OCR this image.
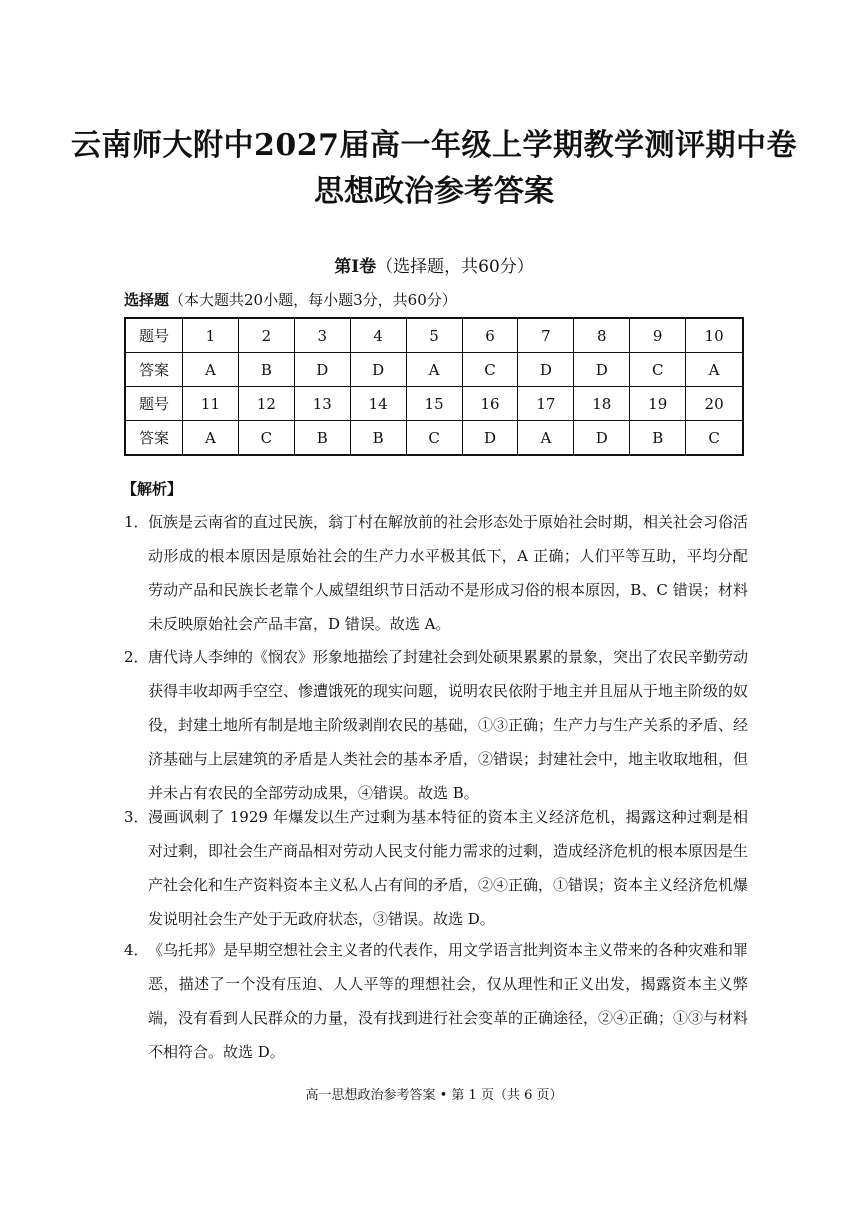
云南师大附中2027届高一年级上学期教学测评期中卷
思想政治参考答案
第Ⅰ卷（选择题，共60分）
选择题（本大题共20小题，每小题3分，共60分）
题号	1	2	3	4	5	6	7	8	9	10
答案	A	B	D	D	A	C	D	D	C	A
题号	11	12	13	14	15	16	17	18	19	20
答案	A	C	B	B	C	D	A	D	B	C
【解析】
1． 佤族是云南省的直过民族，翁丁村在解放前的社会形态处于原始社会时期，相关社会习俗活动形成的根本原因是原始社会的生产力水平极其低下，A 正确；人们平等互助，平均分配劳动产品和民族长老靠个人威望组织节日活动不是形成习俗的根本原因，B、C 错误；材料未反映原始社会产品丰富，D 错误。故选 A。
2． 唐代诗人李绅的《悯农》形象地描绘了封建社会到处硕果累累的景象，突出了农民辛勤劳动获得丰收却两手空空、惨遭饿死的现实问题，说明农民依附于地主并且屈从于地主阶级的奴役，封建土地所有制是地主阶级剥削农民的基础，①③正确；生产力与生产关系的矛盾、经济基础与上层建筑的矛盾是人类社会的基本矛盾，②错误；封建社会中，地主收取地租，但并未占有农民的全部劳动成果，④错误。故选 B。
3． 漫画讽刺了 1929 年爆发以生产过剩为基本特征的资本主义经济危机，揭露这种过剩是相对过剩，即社会生产商品相对劳动人民支付能力需求的过剩，造成经济危机的根本原因是生产社会化和生产资料资本主义私人占有间的矛盾，②④正确，①错误；资本主义经济危机爆发说明社会生产处于无政府状态，③错误。故选 D。
4． 《乌托邦》是早期空想社会主义者的代表作，用文学语言批判资本主义带来的各种灾难和罪恶，描述了一个没有压迫、人人平等的理想社会，仅从理性和正义出发，揭露资本主义弊端，没有看到人民群众的力量，没有找到进行社会变革的正确途径，②④正确；①③与材料不相符合。故选 D。
高一思想政治参考答案 • 第 1 页（共 6 页）
